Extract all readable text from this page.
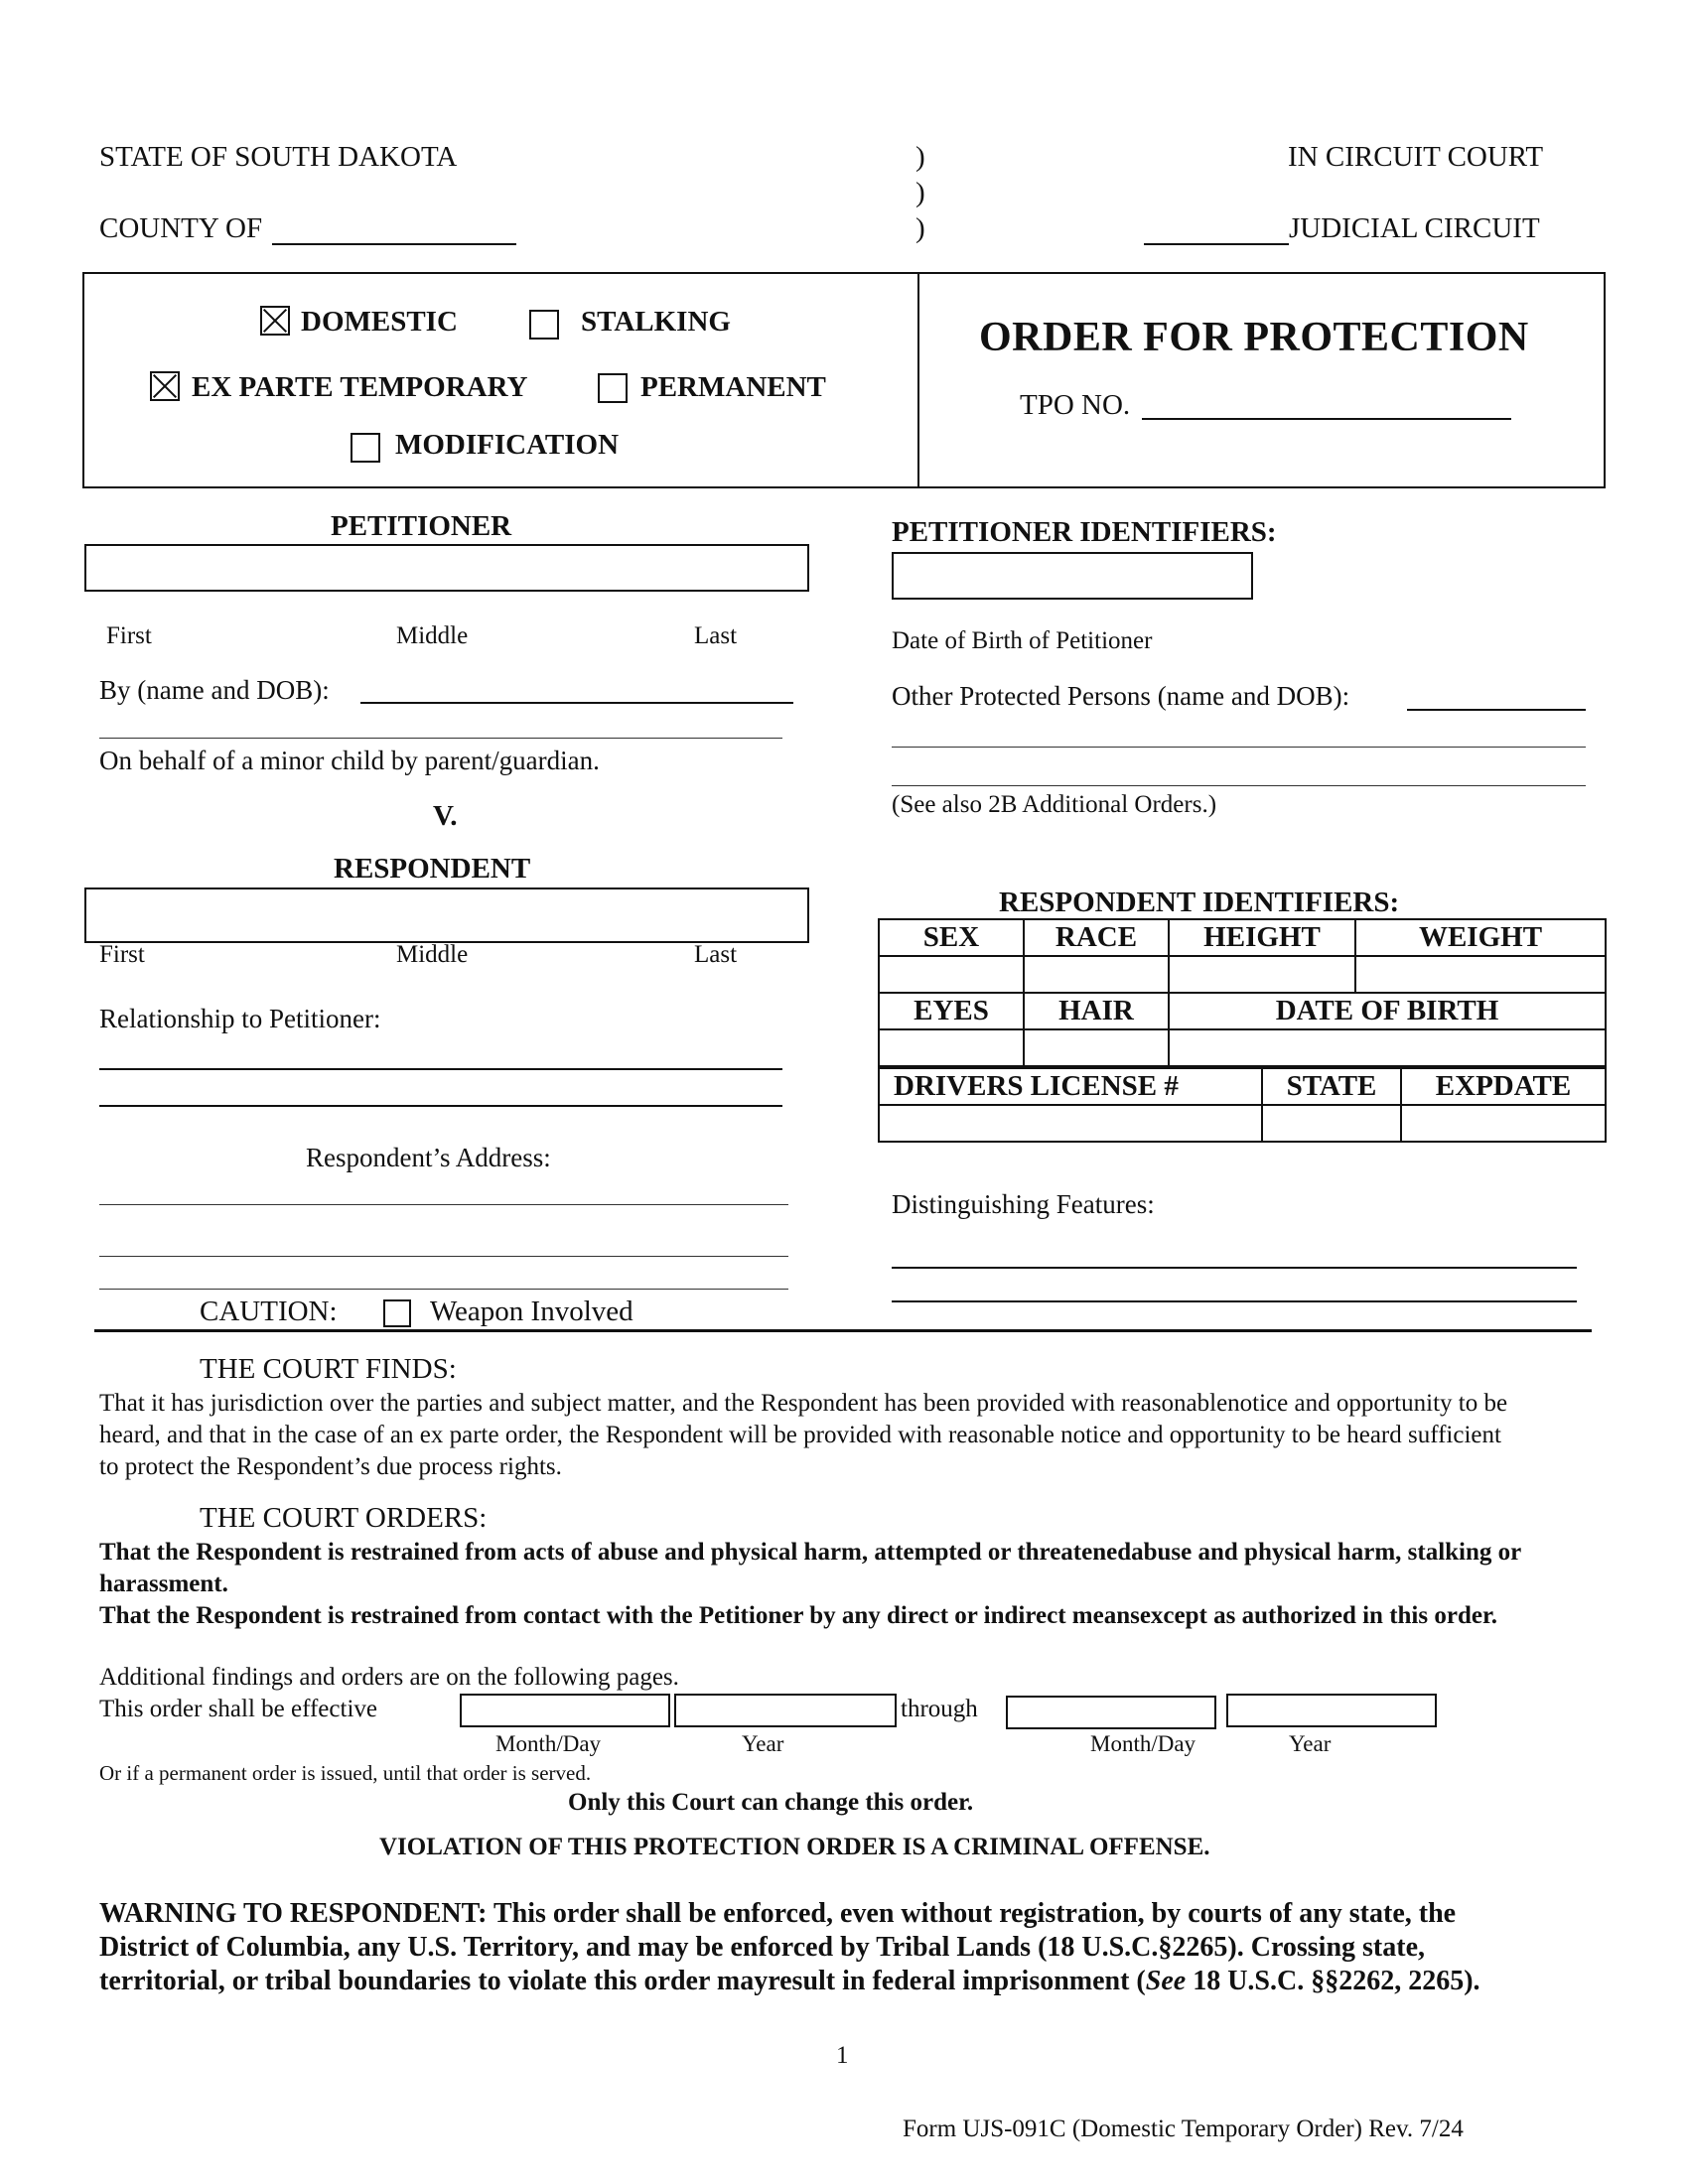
STATE OF SOUTH DAKOTA
COUNTY OF
)
)
)
IN CIRCUIT COURT
JUDICIAL CIRCUIT
DOMESTIC	STALKING
EX PARTE TEMPORARY	PERMANENT
MODIFICATION
ORDER FOR PROTECTION
TPO NO.
PETITIONER
First	Middle	Last
By (name and DOB):
On behalf of a minor child by parent/guardian.
V.
RESPONDENT
First	Middle	Last
Relationship to Petitioner:
Respondent’s Address:
CAUTION:	Weapon Involved
PETITIONER IDENTIFIERS:
Date of Birth of Petitioner
Other Protected Persons (name and DOB):
(See also 2B Additional Orders.)
RESPONDENT IDENTIFIERS:
SEX	RACE	HEIGHT	WEIGHT

EYES	HAIR	DATE OF BIRTH	

DRIVERS LICENSE #	STATE	EXPDATE

Distinguishing Features:
THE COURT FINDS:
That it has jurisdiction over the parties and subject matter, and the Respondent has been provided with reasonablenotice and opportunity to be heard, and that in the case of an ex parte order, the Respondent will be provided with reasonable notice and opportunity to be heard sufficient to protect the Respondent’s due process rights.
THE COURT ORDERS:
That the Respondent is restrained from acts of abuse and physical harm, attempted or threatenedabuse and physical harm, stalking or harassment.
That the Respondent is restrained from contact with the Petitioner by any direct or indirect meansexcept as authorized in this order.
Additional findings and orders are on the following pages.
This order shall be effective	through
Month/Day	Year	Month/Day	Year
Or if a permanent order is issued, until that order is served.
Only this Court can change this order.
VIOLATION OF THIS PROTECTION ORDER IS A CRIMINAL OFFENSE.
WARNING TO RESPONDENT: This order shall be enforced, even without registration, by courts of any state, the
District of Columbia, any U.S. Territory, and may be enforced by Tribal Lands (18 U.S.C.§2265). Crossing state,
territorial, or tribal boundaries to violate this order mayresult in federal imprisonment (See 18 U.S.C. §§2262, 2265).
1
Form UJS-091C (Domestic Temporary Order) Rev. 7/24
